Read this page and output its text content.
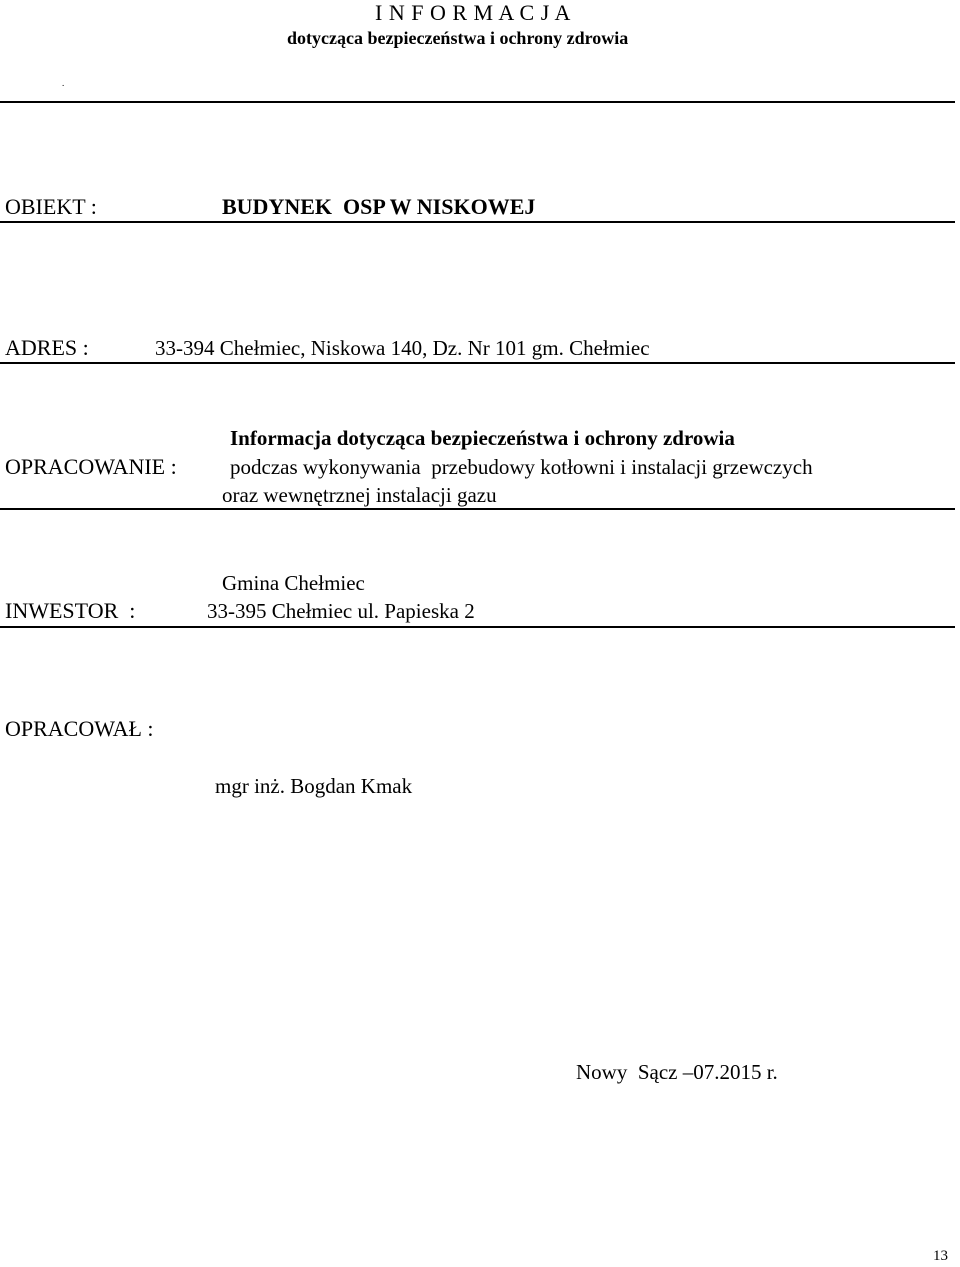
I N F O R M A C J A
dotycząca bezpieczeństwa i ochrony zdrowia
.
OBIEKT :	BUDYNEK  OSP W NISKOWEJ
ADRES :	33-394 Chełmiec, Niskowa 140, Dz. Nr 101 gm. Chełmiec
Informacja dotycząca bezpieczeństwa i ochrony zdrowia
OPRACOWANIE :	podczas wykonywania  przebudowy kotłowni i instalacji grzewczych
oraz wewnętrznej instalacji gazu
Gmina Chełmiec
INWESTOR  :	33-395 Chełmiec ul. Papieska 2
OPRACOWAŁ :
mgr inż. Bogdan Kmak
Nowy  Sącz –07.2015 r.
13
